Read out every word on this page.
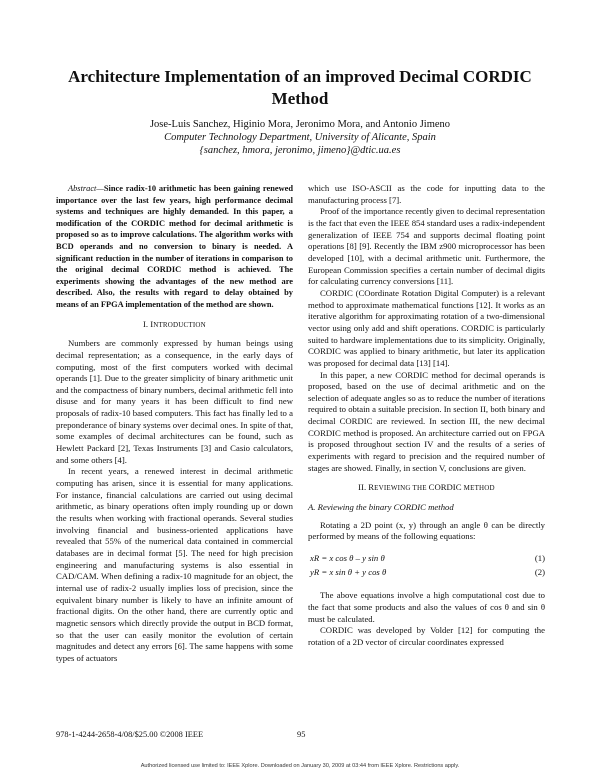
Architecture Implementation of an improved Decimal CORDIC Method
Jose-Luis Sanchez, Higinio Mora, Jeronimo Mora, and Antonio Jimeno
Computer Technology Department, University of Alicante, Spain
{sanchez, hmora, jeronimo, jimeno}@dtic.ua.es

Abstract—Since radix-10 arithmetic has been gaining renewed importance over the last few years, high performance decimal systems and techniques are highly demanded. In this paper, a modification of the CORDIC method for decimal arithmetic is proposed so as to improve calculations. The algorithm works with BCD operands and no conversion to binary is needed. A significant reduction in the number of iterations in comparison to the original decimal CORDIC method is achieved. The experiments showing the advantages of the new method are described. Also, the results with regard to delay obtained by means of an FPGA implementation of the method are shown.

I. INTRODUCTION

Numbers are commonly expressed by human beings using decimal representation; as a consequence, in the early days of computing, most of the first computers worked with decimal operands [1]. Due to the greater simplicity of binary arithmetic unit and the compactness of binary numbers, decimal arithmetic fell into disuse and for many years it has been difficult to find new proposals of radix-10 based computers. This fact has finally led to a preponderance of binary systems over decimal ones. In spite of that, some examples of decimal architectures can be found, such as Hewlett Packard [2], Texas Instruments [3] and Casio calculators, and some others [4].

In recent years, a renewed interest in decimal arithmetic computing has arisen, since it is essential for many applications. For instance, financial calculations are carried out using decimal arithmetic, as binary operations often imply rounding up or down the results when working with fractional operands. Several studies involving financial and business-oriented applications have revealed that 55% of the numerical data contained in commercial databases are in decimal format [5]. The need for high precision engineering and manufacturing systems is also essential in CAD/CAM. When defining a radix-10 magnitude for an object, the internal use of radix-2 usually implies loss of precision, since the equivalent binary number is likely to have an infinite amount of fractional digits. On the other hand, there are currently optic and magnetic sensors which directly provide the output in BCD format, so that the user can easily monitor the evolution of certain magnitudes and detect any errors [6]. The same happens with some types of actuators

which use ISO-ASCII as the code for inputting data to the manufacturing process [7].

Proof of the importance recently given to decimal representation is the fact that even the IEEE 854 standard uses a radix-independent generalization of IEEE 754 and supports decimal floating point operations [8] [9]. Recently the IBM z900 microprocessor has been developed [10], with a decimal arithmetic unit. Furthermore, the European Commission specifies a certain number of decimal digits for calculating currency conversions [11].

CORDIC (COordinate Rotation Digital Computer) is a relevant method to approximate mathematical functions [12]. It works as an iterative algorithm for approximating rotation of a two-dimensional vector using only add and shift operations. CORDIC is particularly suited to hardware implementations due to its simplicity. Originally, CORDIC was applied to binary arithmetic, but later its application was proposed for decimal data [13] [14].

In this paper, a new CORDIC method for decimal operands is proposed, based on the use of decimal arithmetic and on the selection of adequate angles so as to reduce the number of iterations required to obtain a suitable precision. In section II, both binary and decimal CORDIC are reviewed. In section III, the new decimal CORDIC method is proposed. An architecture carried out on FPGA is proposed throughout section IV and the results of a series of experiments with regard to precision and the required number of stages are showed. Finally, in section V, conclusions are given.

II. REVIEWING THE CORDIC METHOD

A. Reviewing the binary CORDIC method

Rotating a 2D point (x, y) through an angle θ can be directly performed by means of the following equations:

xR = x cos θ – y sin θ	(1)
yR = x sin θ + y cos θ	(2)

The above equations involve a high computational cost due to the fact that some products and also the values of cos θ and sin θ must be calculated.

CORDIC was developed by Volder [12] for computing the rotation of a 2D vector of circular coordinates expressed

978-1-4244-2658-4/08/$25.00 ©2008 IEEE	95
Authorized licensed use limited to: IEEE Xplore. Downloaded on January 30, 2009 at 03:44 from IEEE Xplore. Restrictions apply.
